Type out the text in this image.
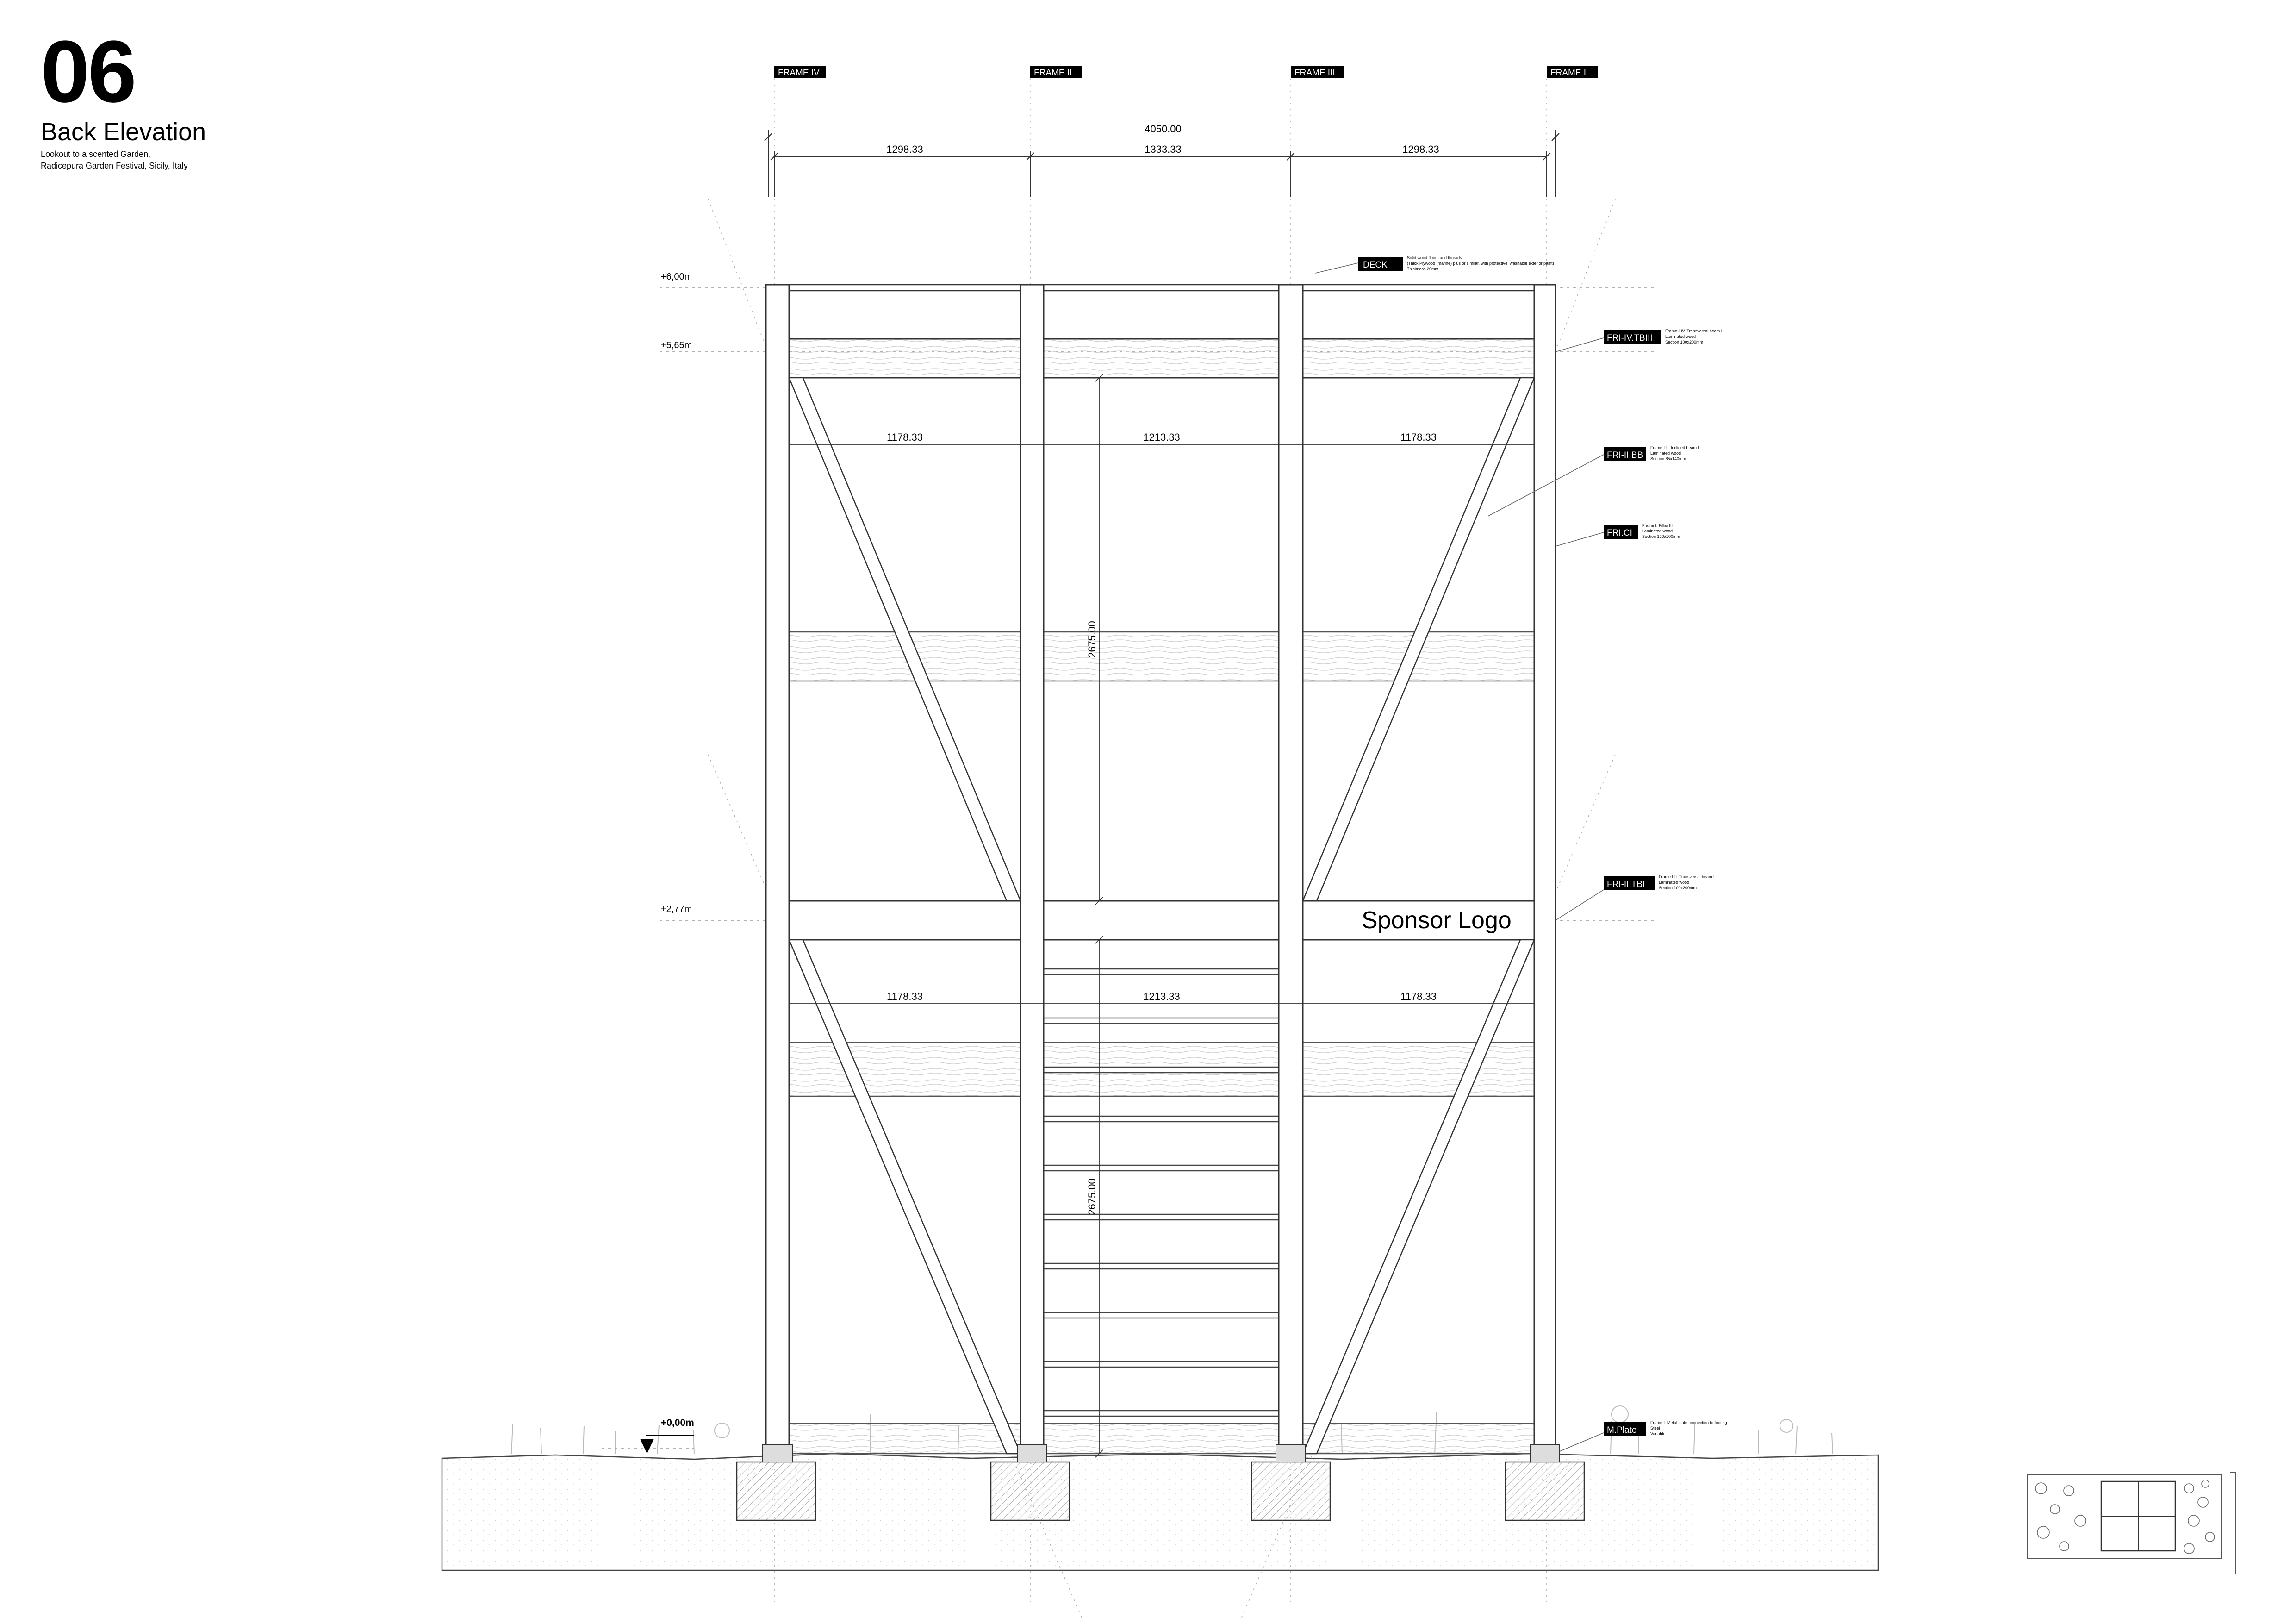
06
Back Elevation
Lookout to a scented Garden,
Radicepura Garden Festival, Sicily, Italy
FRAME IV	FRAME II	FRAME III	FRAME I
4050.00
1298.33	1333.33	1298.33
1178.33	1213.33	1178.33
1178.33	1213.33	1178.33
2675.00
2675.00
+6,00m
+5,65m
+2,77m
+0,00m
Sponsor Logo
DECK
Solid wood floors and threads
(Thick Plywood (marine) plus or similar, with protective, washable exterior paint)
Thickness 20mm
FRI-IV.TBIII
Frame I-IV. Transversal beam III
Laminated wood
Section 100x200mm
FRI-II.BB
Frame I-II. Inclined beam I
Laminated wood
Section 85x140mm
FRI.CI
Frame I. Pillar III
Laminated wood
Section 120x200mm
FRI-II.TBI
Frame I-II. Transversal beam I
Laminated wood
Section 100x200mm
M.Plate
Frame I. Metal plate connection to footing
Steel
Variable
